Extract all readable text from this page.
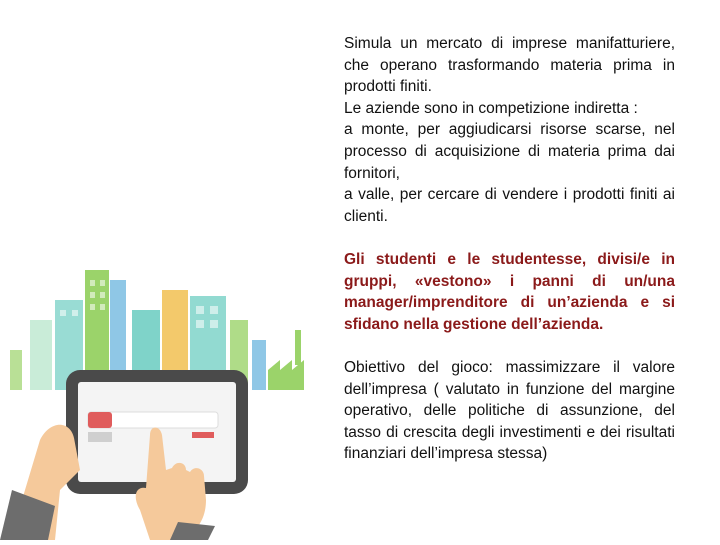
Simula un mercato di imprese manifatturiere, che operano trasformando materia prima in prodotti finiti.

Le aziende sono in competizione indiretta :

a monte, per aggiudicarsi risorse scarse, nel processo di acquisizione di materia prima dai fornitori,

a valle, per cercare di vendere i prodotti finiti ai clienti.

Gli studenti e le studentesse, divisi/e in gruppi, «vestono» i panni di un/una manager/imprenditore di un’azienda e si sfidano nella gestione dell’azienda.

Obiettivo del gioco: massimizzare il valore dell’impresa ( valutato in funzione del margine operativo, delle politiche di assunzione, del tasso di crescita degli investimenti e dei risultati finanziari dell’impresa stessa)
